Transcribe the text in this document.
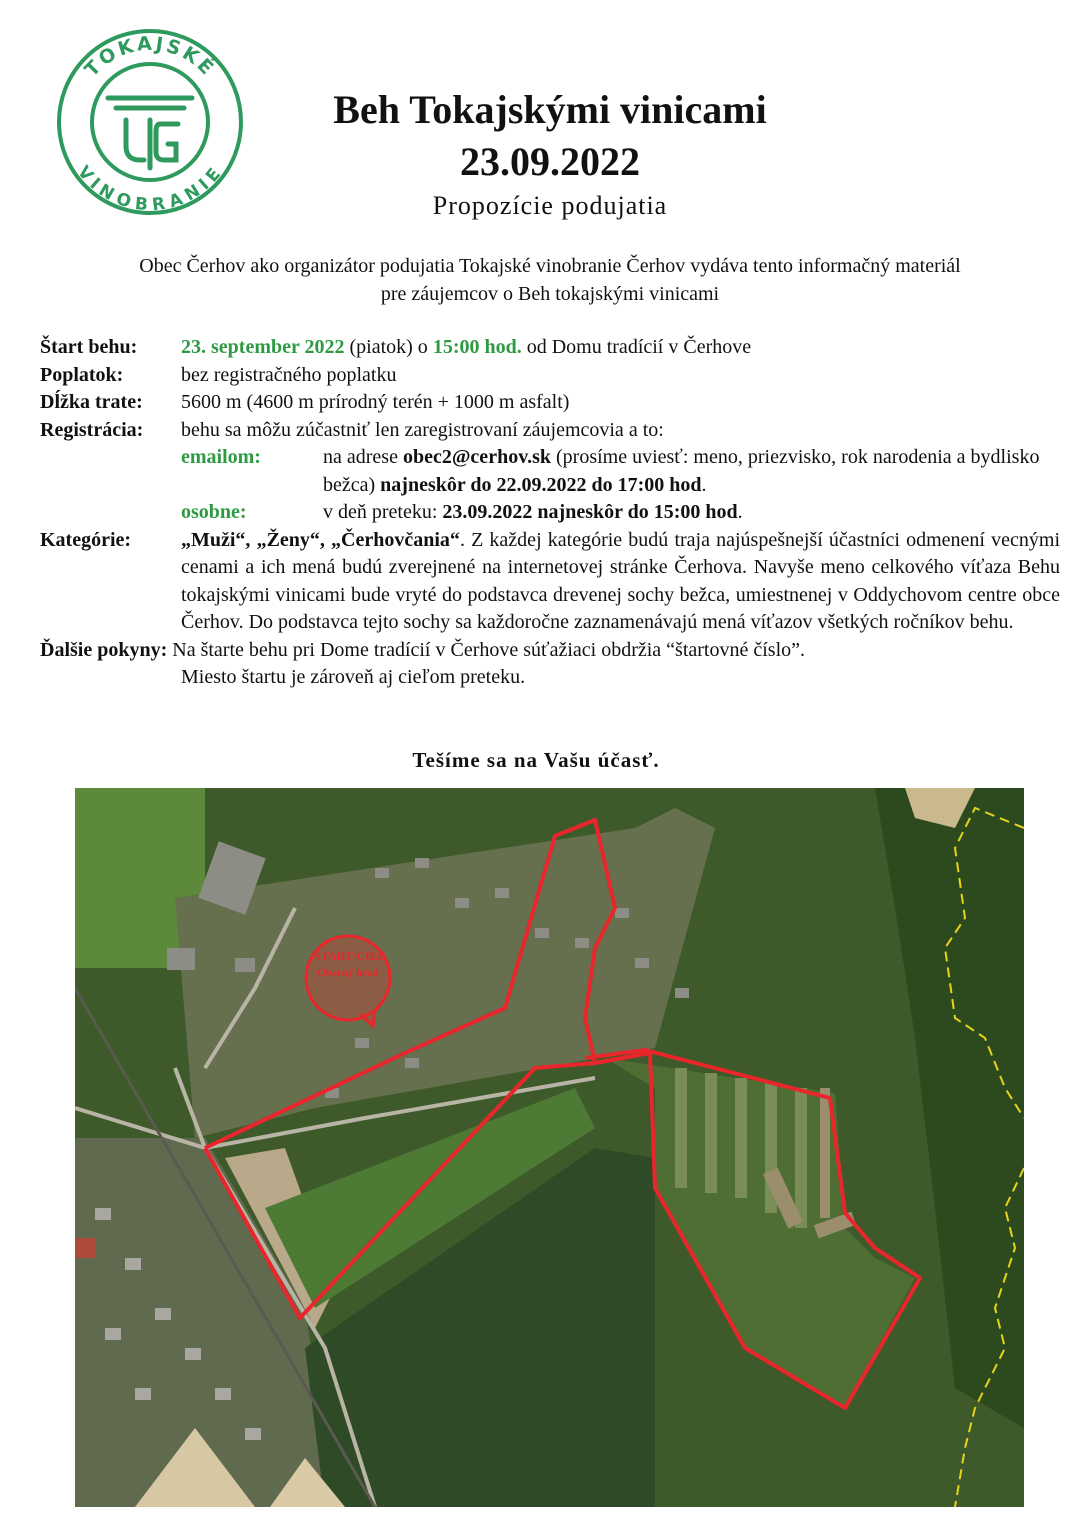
TOKAJSKÉ
VINOBRANIE
Beh Tokajskými vinicami
23.09.2022
Propozície podujatia
Obec Čerhov ako organizátor podujatia Tokajské vinobranie Čerhov vydáva tento informačný materiál
pre záujemcov o Beh tokajskými vinicami
Štart behu: 23. september 2022 (piatok) o 15:00 hod. od Domu tradícií v Čerhove
Poplatok:	bez registračného poplatku
Dĺžka trate: 5600 m (4600 m prírodný terén + 1000 m asfalt)
Registrácia: behu sa môžu zúčastniť len zaregistrovaní záujemcovia a to:
emailom:	na adrese obec2@cerhov.sk (prosíme uviesť: meno, priezvisko, rok narodenia a bydlisko bežca) najneskôr do 22.09.2022 do 17:00 hod.
osobne:	v deň preteku: 23.09.2022 najneskôr do 15:00 hod.
Kategórie: „Muži“, „Ženy“, „Čerhovčania“. Z každej kategórie budú traja najúspešnejší účastníci odmenení vecnými cenami a ich mená budú zverejnené na internetovej stránke Čerhova. Navyše meno celkového víťaza Behu tokajskými vinicami bude vryté do podstavca drevenej sochy bežca, umiestnenej v Oddychovom centre obce Čerhov. Do podstavca tejto sochy sa každoročne zaznamenávajú mená víťazov všetkých ročníkov behu.
Ďalšie pokyny: Na štarte behu pri Dome tradícií v Čerhove súťažiaci obdržia “štartovné číslo”.
Miesto štartu je zároveň aj cieľom preteku.
Tešíme sa na Vašu účasť.
ŠTART/CIEĽ
Obecný hrad
